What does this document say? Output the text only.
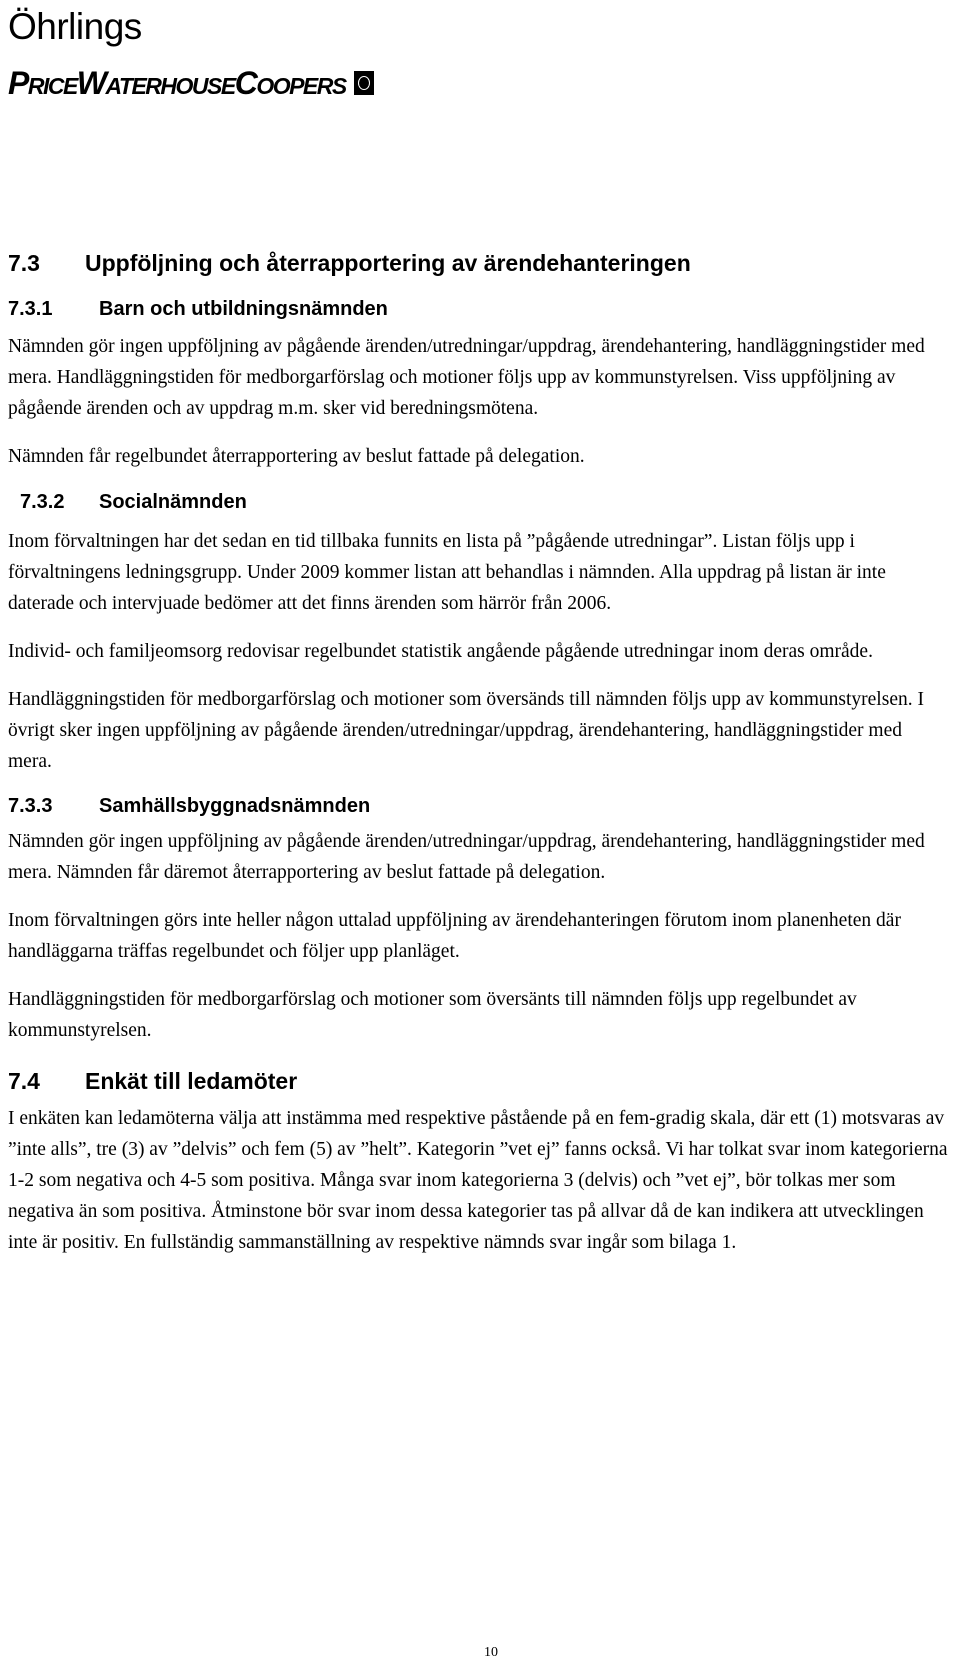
Öhrlings
PRICEWATERHOUSECOOPERS
7.3	Uppföljning och återrapportering av ärendehanteringen
7.3.1	Barn och utbildningsnämnden

Nämnden gör ingen uppföljning av pågående ärenden/utredningar/uppdrag, ärendehantering, handläggningstider med mera. Handläggningstiden för medborgarförslag och motioner följs upp av kommunstyrelsen. Viss uppföljning av pågående ärenden och av uppdrag m.m. sker vid beredningsmötena.

Nämnden får regelbundet återrapportering av beslut fattade på delegation.

7.3.2	Socialnämnden

Inom förvaltningen har det sedan en tid tillbaka funnits en lista på ”pågående utredningar”. Listan följs upp i förvaltningens ledningsgrupp. Under 2009 kommer listan att behandlas i nämnden. Alla uppdrag på listan är inte daterade och intervjuade bedömer att det finns ärenden som härrör från 2006.

Individ- och familjeomsorg redovisar regelbundet statistik angående pågående utredningar inom deras område.

Handläggningstiden för medborgarförslag och motioner som översänds till nämnden följs upp av kommunstyrelsen. I övrigt sker ingen uppföljning av pågående ärenden/utredningar/uppdrag, ärendehantering, handläggningstider med mera.

7.3.3	Samhällsbyggnadsnämnden

Nämnden gör ingen uppföljning av pågående ärenden/utredningar/uppdrag, ärendehantering, handläggningstider med mera. Nämnden får däremot återrapportering av beslut fattade på delegation.

Inom förvaltningen görs inte heller någon uttalad uppföljning av ärendehanteringen förutom inom planenheten där handläggarna träffas regelbundet och följer upp planläget.

Handläggningstiden för medborgarförslag och motioner som översänts till nämnden följs upp regelbundet av kommunstyrelsen.

7.4	Enkät till ledamöter

I enkäten kan ledamöterna välja att instämma med respektive påstående på en fem-gradig skala, där ett (1) motsvaras av ”inte alls”, tre (3) av ”delvis” och fem (5) av ”helt”. Kategorin ”vet ej” fanns också. Vi har tolkat svar inom kategorierna 1-2 som negativa och 4-5 som positiva. Många svar inom kategorierna 3 (delvis) och ”vet ej”, bör tolkas mer som negativa än som positiva. Åtminstone bör svar inom dessa kategorier tas på allvar då de kan indikera att utvecklingen inte är positiv. En fullständig sammanställning av respektive nämnds svar ingår som bilaga 1.

10
